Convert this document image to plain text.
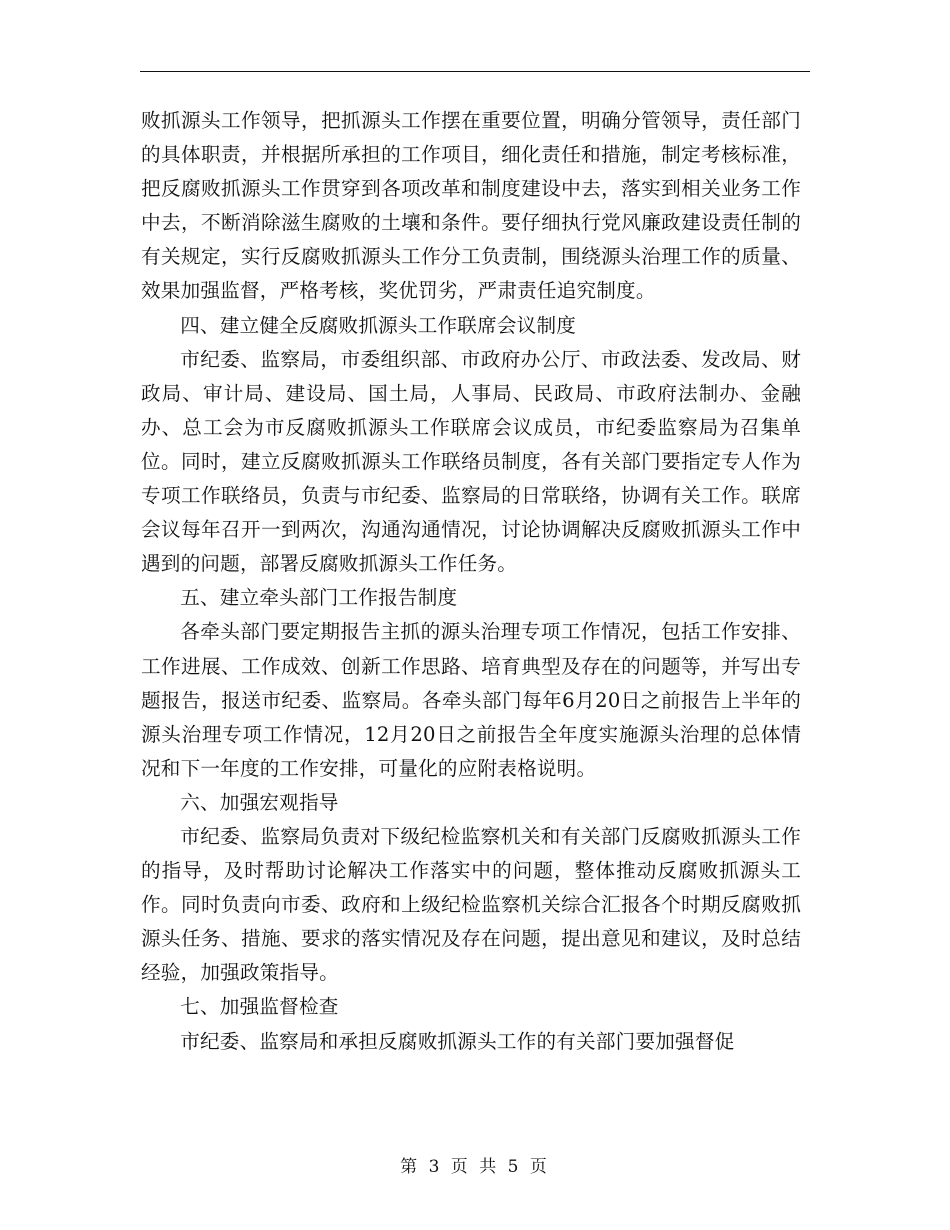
败抓源头工作领导，把抓源头工作摆在重要位置，明确分管领导，责任部门的具体职责，并根据所承担的工作项目，细化责任和措施，制定考核标准，把反腐败抓源头工作贯穿到各项改革和制度建设中去，落实到相关业务工作中去，不断消除滋生腐败的土壤和条件。要仔细执行党风廉政建设责任制的有关规定，实行反腐败抓源头工作分工负责制，围绕源头治理工作的质量、效果加强监督，严格考核，奖优罚劣，严肃责任追究制度。

四、建立健全反腐败抓源头工作联席会议制度

市纪委、监察局，市委组织部、市政府办公厅、市政法委、发改局、财政局、审计局、建设局、国土局，人事局、民政局、市政府法制办、金融办、总工会为市反腐败抓源头工作联席会议成员，市纪委监察局为召集单位。同时，建立反腐败抓源头工作联络员制度，各有关部门要指定专人作为专项工作联络员，负责与市纪委、监察局的日常联络，协调有关工作。联席会议每年召开一到两次，沟通沟通情况，讨论协调解决反腐败抓源头工作中遇到的问题，部署反腐败抓源头工作任务。

五、建立牵头部门工作报告制度

各牵头部门要定期报告主抓的源头治理专项工作情况，包括工作安排、工作进展、工作成效、创新工作思路、培育典型及存在的问题等，并写出专题报告，报送市纪委、监察局。各牵头部门每年6月20日之前报告上半年的源头治理专项工作情况，12月20日之前报告全年度实施源头治理的总体情况和下一年度的工作安排，可量化的应附表格说明。

六、加强宏观指导

市纪委、监察局负责对下级纪检监察机关和有关部门反腐败抓源头工作的指导，及时帮助讨论解决工作落实中的问题，整体推动反腐败抓源头工作。同时负责向市委、政府和上级纪检监察机关综合汇报各个时期反腐败抓源头任务、措施、要求的落实情况及存在问题，提出意见和建议，及时总结经验，加强政策指导。

七、加强监督检查

市纪委、监察局和承担反腐败抓源头工作的有关部门要加强督促

第 3 页 共 5 页
